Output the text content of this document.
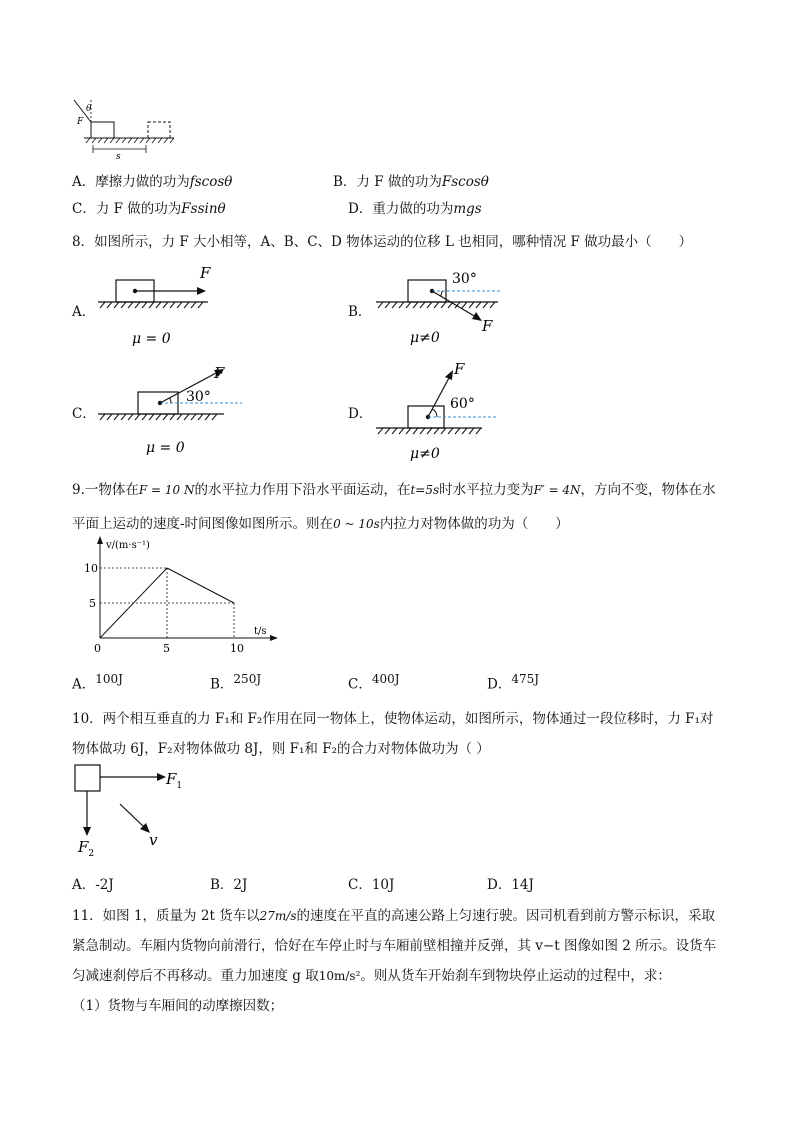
θ
F
s
A．摩擦力做的功为fscosθ	B．力 F 做的功为Fscosθ
C．力 F 做的功为Fssinθ	D．重力做的功为mgs
8．如图所示，力 F 大小相等，A、B、C、D 物体运动的位移 L 也相同，哪种情况 F 做功最小（　　）
A．
F
μ = 0
B．
30°
F
μ≠0
C．
30°
F
μ = 0
D．
60°
F
μ≠0
9.一物体在F = 10 N的水平拉力作用下沿水平面运动，在t=5s时水平拉力变为F′ = 4N，方向不变，物体在水
平面上运动的速度-时间图像如图所示。则在0 ~ 10s内拉力对物体做的功为（　　）
v/(m·s⁻¹)
t/s
0	5	10
5
10
A．$^{100J}$	B．$^{250J}$	C．$^{400J}$	D．$^{475J}$
10．两个相互垂直的力 F₁和 F₂作用在同一物体上，使物体运动，如图所示，物体通过一段位移时，力 F₁对
物体做功 6J，F₂对物体做功 8J，则 F₁和 F₂的合力对物体做功为（ ）
$F_1$
$F_2$
v
A．-2J	B．2J	C．10J	D．14J
11．如图 1，质量为 2t 货车以27m/s的速度在平直的高速公路上匀速行驶。因司机看到前方警示标识，采取
紧急制动。车厢内货物向前滑行，恰好在车停止时与车厢前壁相撞并反弹，其 v−t 图像如图 2 所示。设货车
匀减速刹停后不再移动。重力加速度 g 取10m/s²。则从货车开始刹车到物块停止运动的过程中，求：
（1）货物与车厢间的动摩擦因数；
